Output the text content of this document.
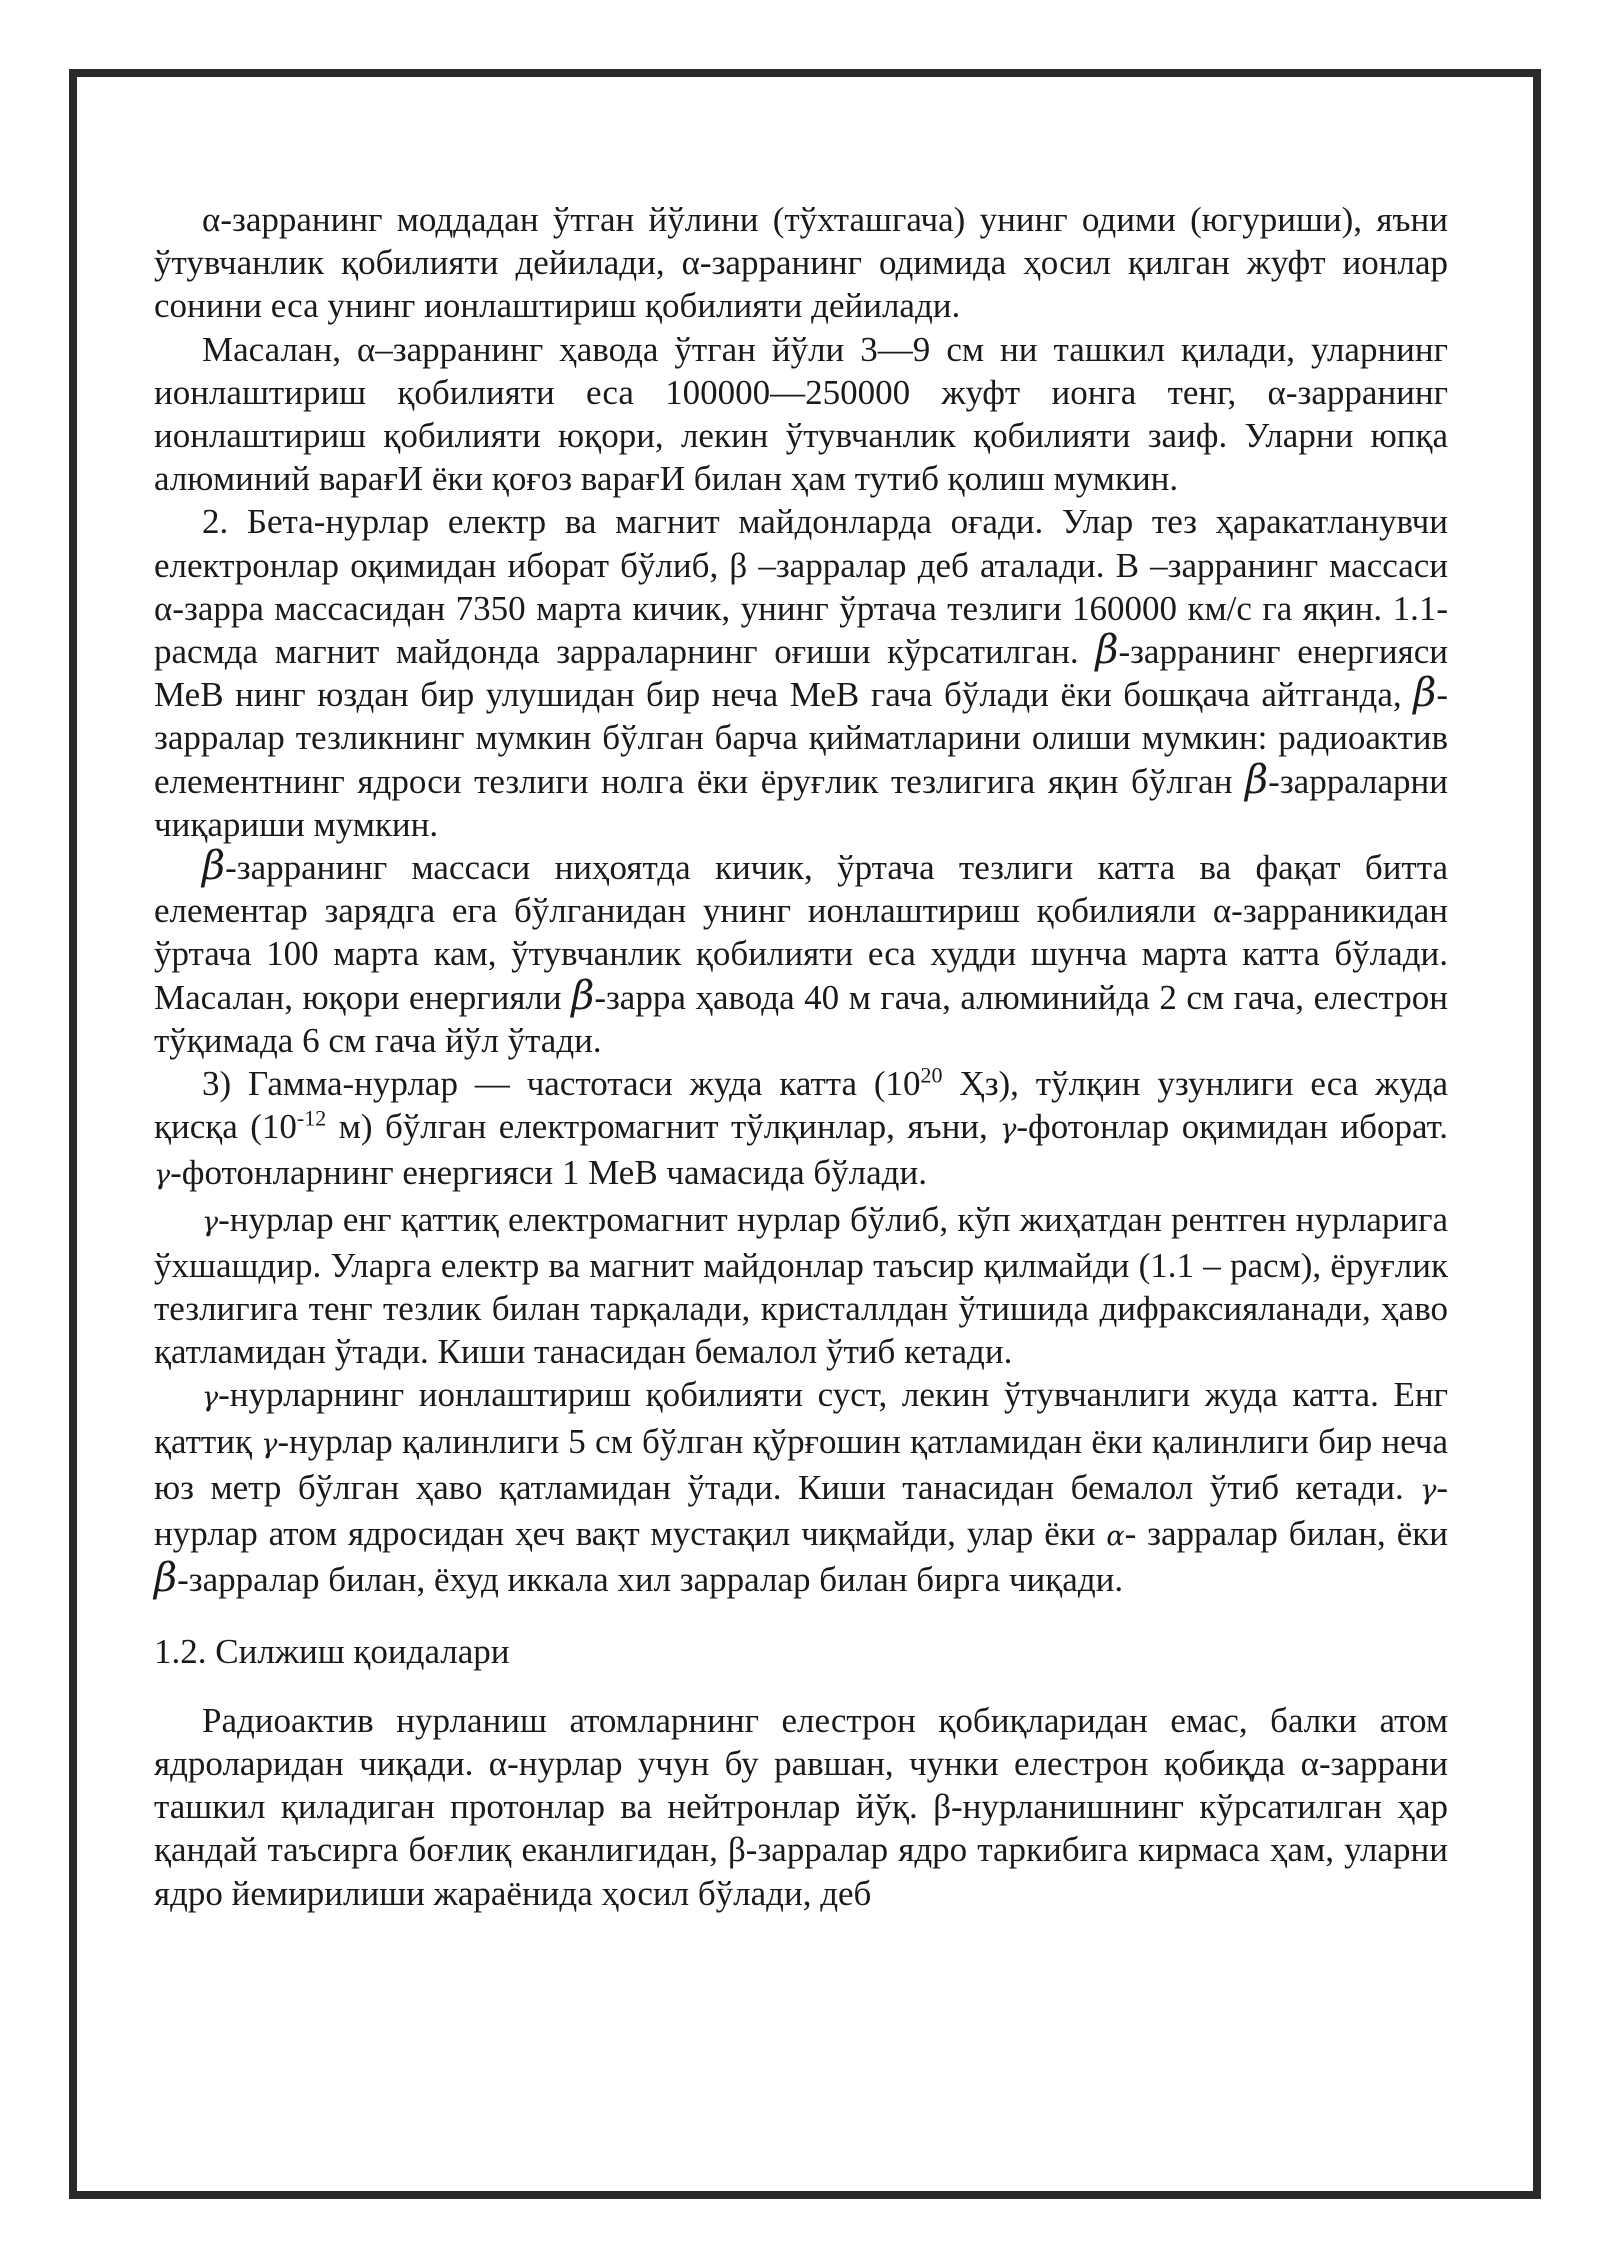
α-зарранинг моддадан ўтган йўлини (тўхташгача) унинг одими (югуриши), яъни ўтувчанлик қобилияти дейилади, α-зарранинг одимида ҳосил қилган жуфт ионлар сонини еса унинг ионлаштириш қобилияти дейилади.

Масалан, α–зарранинг ҳавода ўтган йўли 3—9 см ни ташкил қилади, уларнинг ионлаштириш қобилияти еса 100000—250000 жуфт ионга тенг, α-зарранинг ионлаштириш қобилияти юқори, лекин ўтувчанлик қобилияти заиф. Уларни юпқа алюминий варағИ ёки қоғоз варағИ билан ҳам тутиб қолиш мумкин.

2. Бета-нурлар електр ва магнит майдонларда оғади. Улар тез ҳаракатланувчи електронлар оқимидан иборат бўлиб, β –зарралар деб аталади. В –зарранинг массаси α-зарра массасидан 7350 марта кичик, унинг ўртача тезлиги 160000 км/с га яқин. 1.1- расмда магнит майдонда зарраларнинг оғиши кўрсатилган. β-зарранинг енергияси МеВ нинг юздан бир улушидан бир неча МеВ гача бўлади ёки бошқача айтганда, β-зарралар тезликнинг мумкин бўлган барча қийматларини олиши мумкин: радиоактив елементнинг ядроси тезлиги нолга ёки ёруғлик тезлигига яқин бўлган β-зарраларни чиқариши мумкин.

β-зарранинг массаси ниҳоятда кичик, ўртача тезлиги катта ва фақат битта елементар зарядга ега бўлганидан унинг ионлаштириш қобилияли α-зарраникидан ўртача 100 марта кам, ўтувчанлик қобилияти еса худди шунча марта катта бўлади. Масалан, юқори енергияли β-зарра ҳавода 40 м гача, алюминийда 2 см гача, елестрон тўқимада 6 см гача йўл ўтади.

3) Гамма-нурлар — частотаси жуда катта ($10^{20}$ Ҳз), тўлқин узунлиги еса жуда қисқа ($10^{-12}$ м) бўлган електромагнит тўлқинлар, яъни, γ-фотонлар оқимидан иборат. γ-фотонларнинг енергияси 1 МеВ чамасида бўлади.

γ-нурлар енг қаттиқ електромагнит нурлар бўлиб, кўп жиҳатдан рентген нурларига ўхшашдир. Уларга електр ва магнит майдонлар таъсир қилмайди (1.1 – расм), ёруғлик тезлигига тенг тезлик билан тарқалади, кристаллдан ўтишида дифраксияланади, ҳаво қатламидан ўтади. Киши танасидан бемалол ўтиб кетади.

γ-нурларнинг ионлаштириш қобилияти суст, лекин ўтувчанлиги жуда катта. Енг қаттиқ γ-нурлар қалинлиги 5 см бўлган қўрғошин қатламидан ёки қалинлиги бир неча юз метр бўлган ҳаво қатламидан ўтади. Киши танасидан бемалол ўтиб кетади. γ-нурлар атом ядросидан ҳеч вақт мустақил чиқмайди, улар ёки α- зарралар билан, ёки β-зарралар билан, ёхуд иккала хил зарралар билан бирга чиқади.

1.2. Силжиш қоидалари

Радиоактив нурланиш атомларнинг елестрон қобиқларидан емас, балки атом ядроларидан чиқади. α-нурлар учун бу равшан, чунки елестрон қобиқда α-заррани ташкил қиладиган протонлар ва нейтронлар йўқ. β-нурланишнинг кўрсатилган ҳар қандай таъсирга боғлиқ еканлигидан, β-зарралар ядро таркибига кирмаса ҳам, уларни ядро йемирилиши жараёнида ҳосил бўлади, деб
